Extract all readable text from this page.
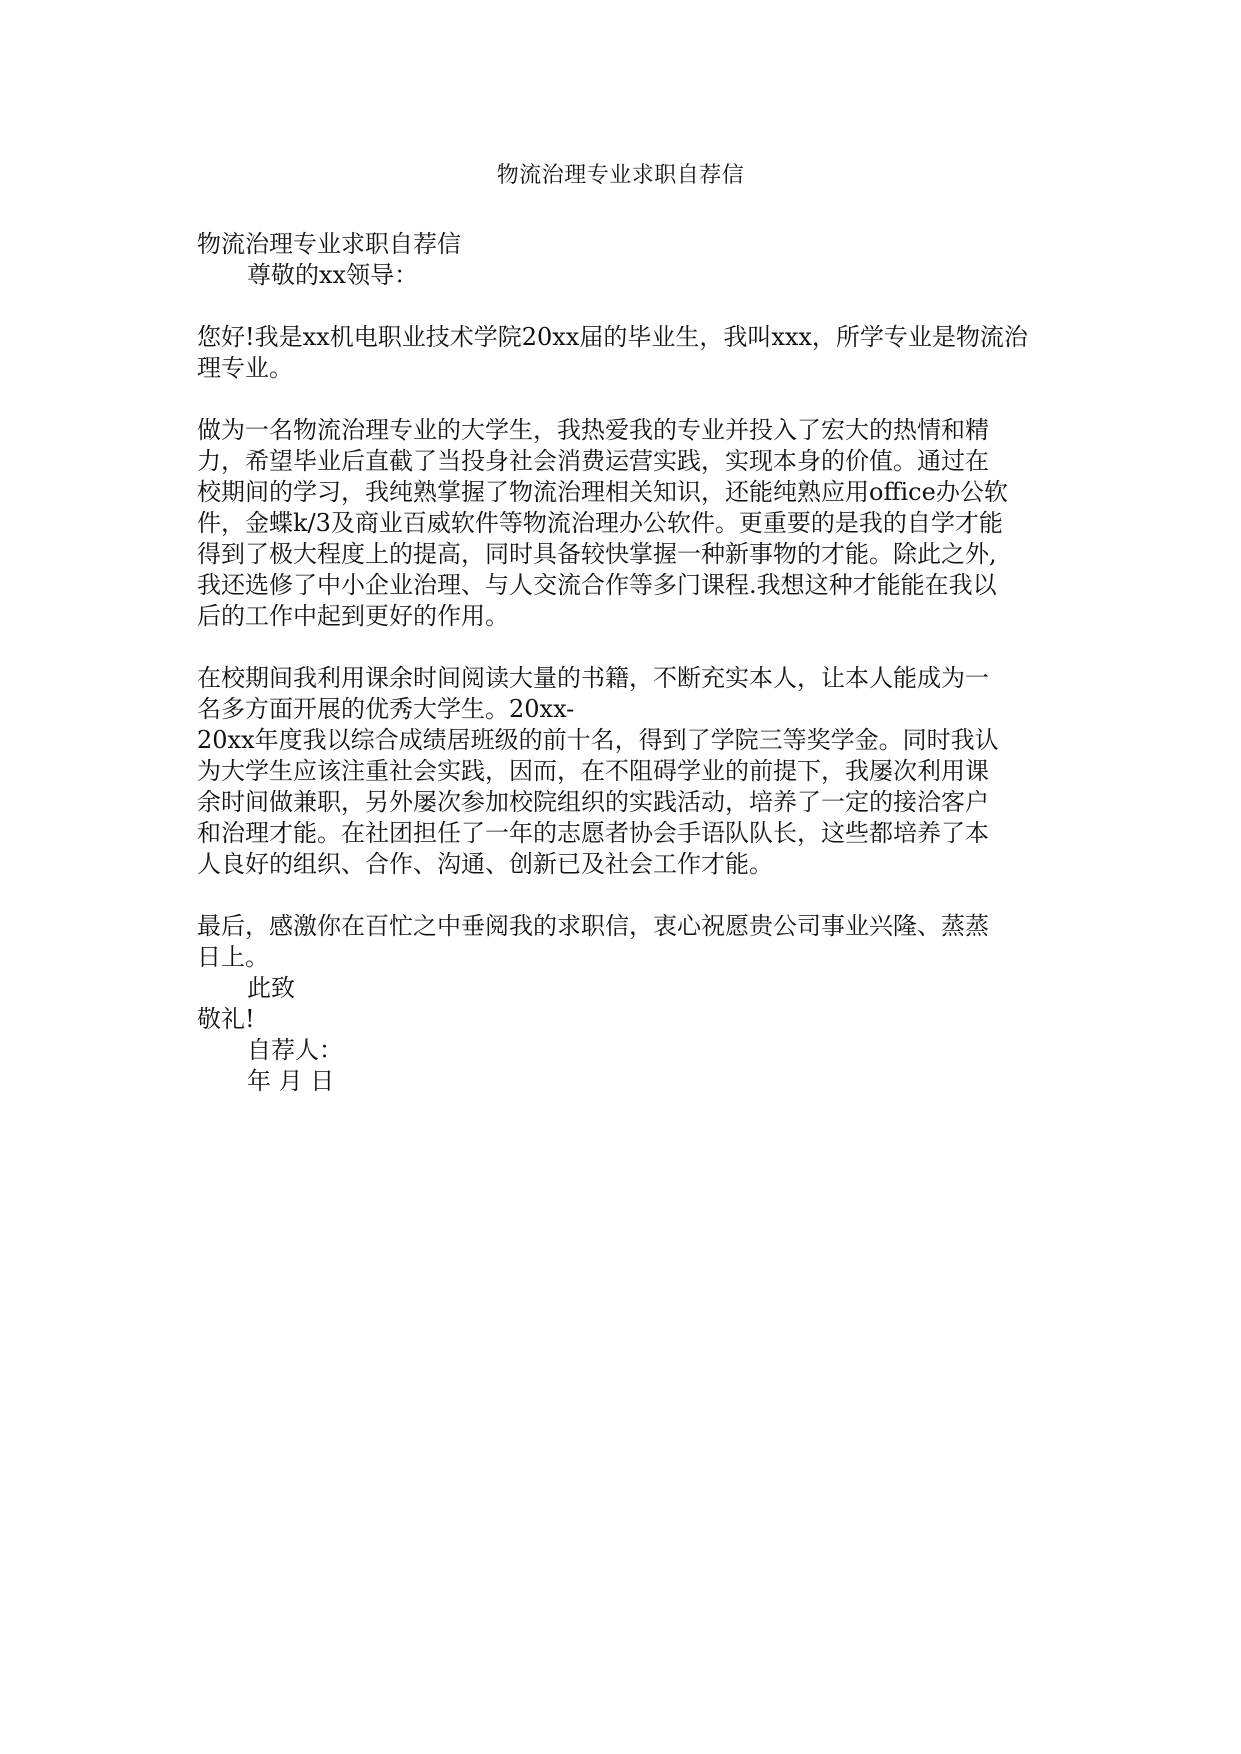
物流治理专业求职自荐信
物流治理专业求职自荐信
尊敬的xx领导：
您好!我是xx机电职业技术学院20xx届的毕业生，我叫xxx，所学专业是物流治
理专业。
做为一名物流治理专业的大学生，我热爱我的专业并投入了宏大的热情和精
力，希望毕业后直截了当投身社会消费运营实践，实现本身的价值。通过在
校期间的学习，我纯熟掌握了物流治理相关知识，还能纯熟应用office办公软
件，金蝶k/3及商业百威软件等物流治理办公软件。更重要的是我的自学才能
得到了极大程度上的提高，同时具备较快掌握一种新事物的才能。除此之外,
我还选修了中小企业治理、与人交流合作等多门课程.我想这种才能能在我以
后的工作中起到更好的作用。
在校期间我利用课余时间阅读大量的书籍，不断充实本人，让本人能成为一
名多方面开展的优秀大学生。20xx-
20xx年度我以综合成绩居班级的前十名，得到了学院三等奖学金。同时我认
为大学生应该注重社会实践，因而，在不阻碍学业的前提下，我屡次利用课
余时间做兼职，另外屡次参加校院组织的实践活动，培养了一定的接洽客户
和治理才能。在社团担任了一年的志愿者协会手语队队长，这些都培养了本
人良好的组织、合作、沟通、创新已及社会工作才能。
最后，感激你在百忙之中垂阅我的求职信，衷心祝愿贵公司事业兴隆、蒸蒸
日上。
此致
敬礼!
自荐人：
年 月 日
